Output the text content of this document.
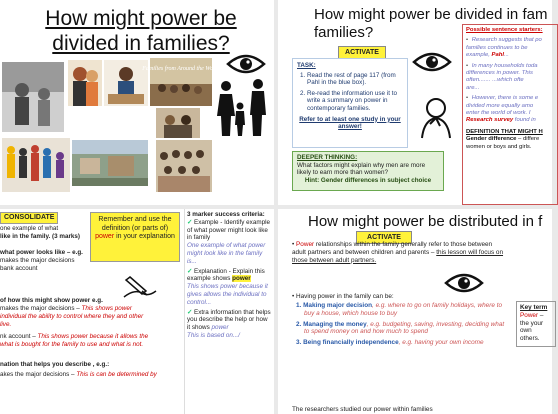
How might power be
divided in families?
Families from Around the World
How might power be divided in fam
families?
ACTIVATE
TASK:
1. Read the rest of page 117 (from Pahl in the blue box).
2. Re-read the information use it to write a summary on power in contemporary families.
Refer to at least one study in your answer!
DEEPER THINKING:
What factors might explain why men are more likely to earn more than women?
Hint: Gender differences in subject choice
Possible sentence starters:
• Research suggests that po
families continues to be
example, Pahl...
• In many households toda
differences in power. This
often....... ...which ofte
are...
• However, there is some e
divided more equally amo
enter the world of work. I
Research survey found in
DEFINITION THAT MIGHT H
Gender difference – differe
women or boys and girls.
CONSOLIDATE
one example of what
like in the family. (3 marks)
what power looks like – e.g.
makes the major decisions
bank account
of how this might show power e.g.
makes the major decisions – This shows power
individual the ability to control where they and other
live.
nk account – This shows power because it allows the
what is bought for the family to use and what is not.
nation that helps you describe , e.g.:
akes the major decisions – This is can be determined by
Remember and use the definition (or parts of) power in your explanation
3 marker success criteria:
✓ Example - Identify example of what power might look like in family
One example of what power might look like in the family is...
✓ Explanation - Explain this example shows power
This shows power because it gives allows the individual to control...
✓ Extra information that helps you describe the help or how it shows power
This is based on.../
How might power be distributed in f
ACTIVATE
• Power relationships within the family generally refer to those between adult partners and between children and parents – this lesson will focus on those between adult partners.
• Having power in the family can be:
1. Making major decision, e.g. where to go on family holidays, where to buy a house, which house to buy
2. Managing the money, e.g. budgeting, saving, investing, deciding what to spend money on and how much to spend
3. Being financially independence, e.g. having your own income
The researchers studied our power within families
Key term
Power – the your own others.
